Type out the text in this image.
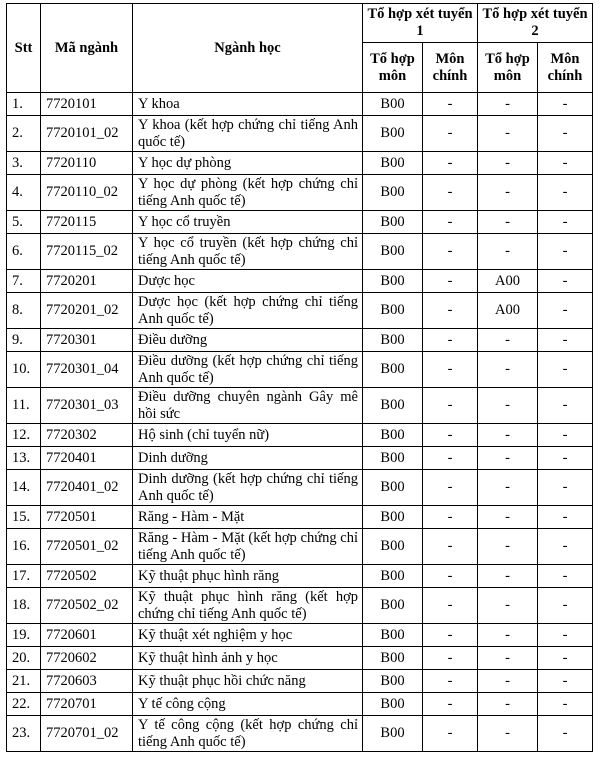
Stt	Mã ngành	Ngành học	Tổ hợp xét tuyển 1		Tổ hợp xét tuyển 2	
			Tổ hợp môn	Môn chính	Tổ hợp môn	Môn chính
1.	7720101	Y khoa	B00	-	-	-
2.	7720101_02	Y khoa (kết hợp chứng chỉ tiếng Anh quốc tế)	B00	-	-	-
3.	7720110	Y học dự phòng	B00	-	-	-
4.	7720110_02	Y học dự phòng (kết hợp chứng chỉ tiếng Anh quốc tế)	B00	-	-	-
5.	7720115	Y học cổ truyền	B00	-	-	-
6.	7720115_02	Y học cổ truyền (kết hợp chứng chỉ tiếng Anh quốc tế)	B00	-	-	-
7.	7720201	Dược học	B00	-	A00	-
8.	7720201_02	Dược học (kết hợp chứng chỉ tiếng Anh quốc tế)	B00	-	A00	-
9.	7720301	Điều dưỡng	B00	-	-	-
10.	7720301_04	Điều dưỡng (kết hợp chứng chỉ tiếng Anh quốc tế)	B00	-	-	-
11.	7720301_03	Điều dưỡng chuyên ngành Gây mê hồi sức	B00	-	-	-
12.	7720302	Hộ sinh (chỉ tuyển nữ)	B00	-	-	-
13.	7720401	Dinh dưỡng	B00	-	-	-
14.	7720401_02	Dinh dưỡng (kết hợp chứng chỉ tiếng Anh quốc tế)	B00	-	-	-
15.	7720501	Răng - Hàm - Mặt	B00	-	-	-
16.	7720501_02	Răng - Hàm - Mặt (kết hợp chứng chỉ tiếng Anh quốc tế)	B00	-	-	-
17.	7720502	Kỹ thuật phục hình răng	B00	-	-	-
18.	7720502_02	Kỹ thuật phục hình răng (kết hợp chứng chỉ tiếng Anh quốc tế)	B00	-	-	-
19.	7720601	Kỹ thuật xét nghiệm y học	B00	-	-	-
20.	7720602	Kỹ thuật hình ảnh y học	B00	-	-	-
21.	7720603	Kỹ thuật phục hồi chức năng	B00	-	-	-
22.	7720701	Y tế công cộng	B00	-	-	-
23.	7720701_02	Y tế công cộng (kết hợp chứng chỉ tiếng Anh quốc tế)	B00	-	-	-
